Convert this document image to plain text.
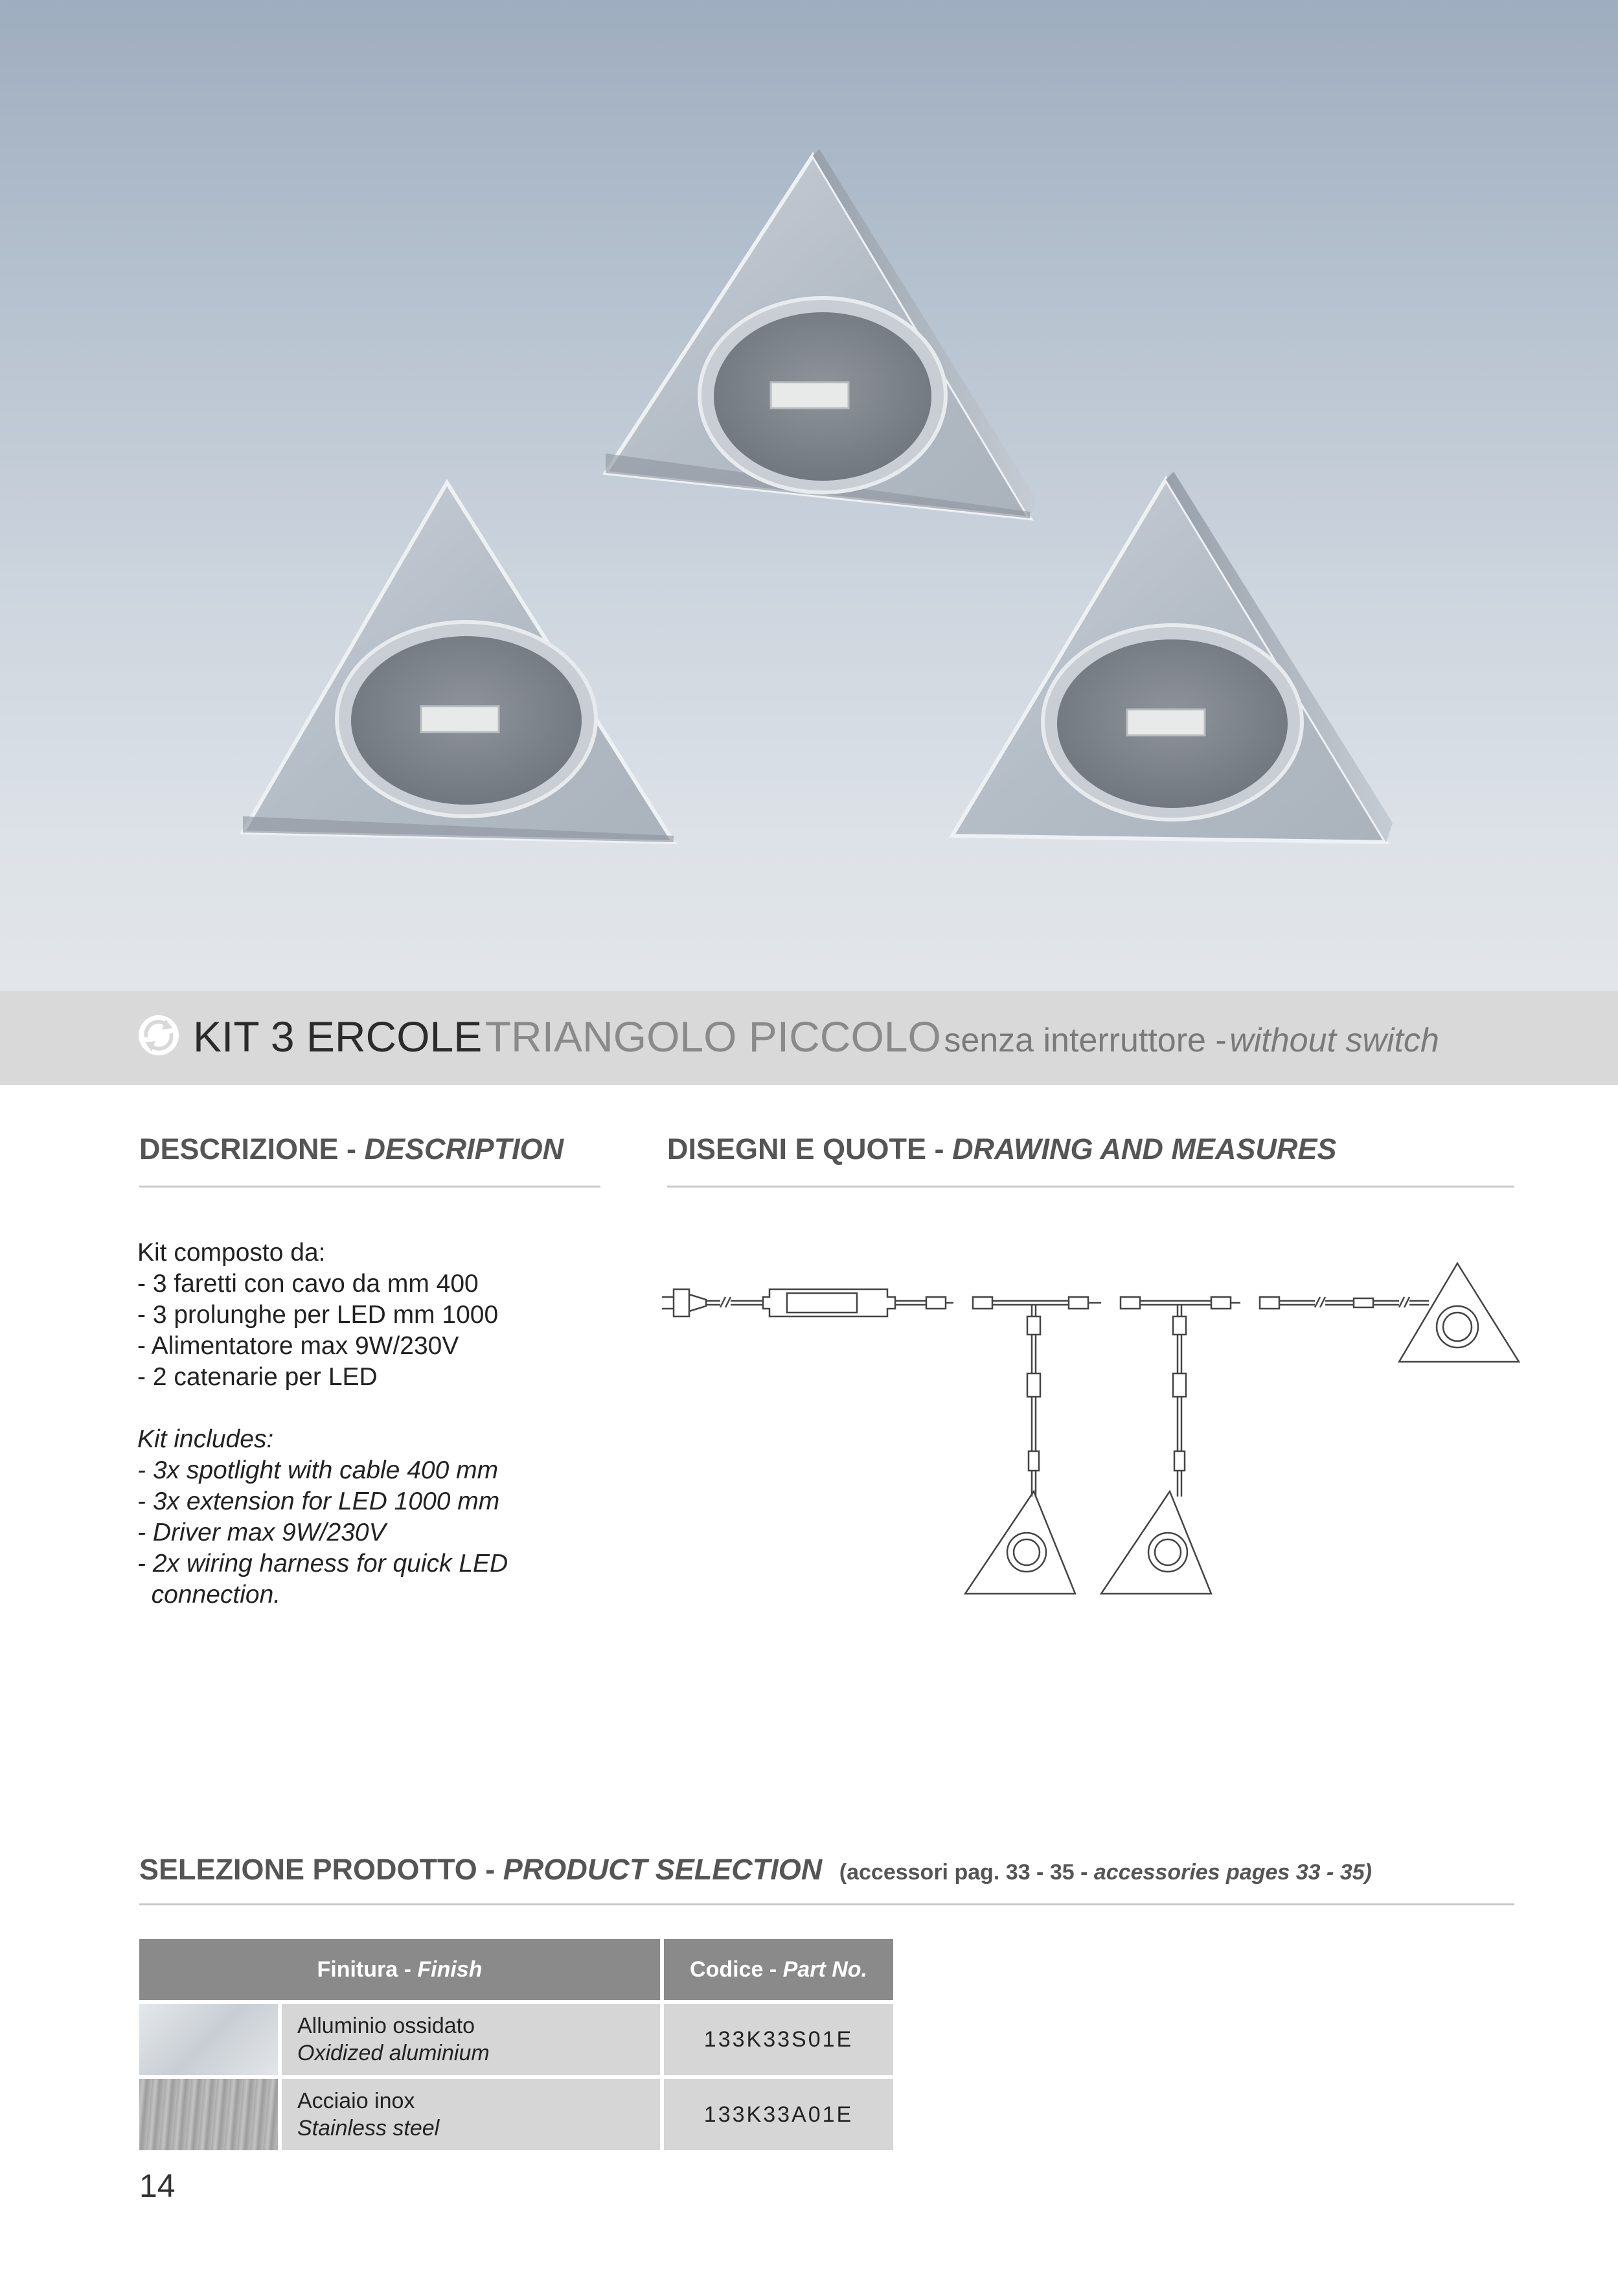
KIT 3 ERCOLE TRIANGOLO PICCOLO senza interruttore - without switch
DESCRIZIONE - DESCRIPTION
Kit composto da:
- 3 faretti con cavo da mm 400
- 3 prolunghe per LED mm 1000
- Alimentatore max 9W/230V
- 2 catenarie per LED
Kit includes:
- 3x spotlight with cable 400 mm
- 3x extension for LED 1000 mm
- Driver max 9W/230V
- 2x wiring harness for quick LED
connection.
DISEGNI E QUOTE - DRAWING AND MEASURES
SELEZIONE PRODOTTO - PRODUCT SELECTION (accessori pag. 33 - 35 - accessories pages 33 - 35)
Finitura - Finish		Codice - Part No.

	Alluminio ossidato
Oxidized aluminium	133K33S01E

	Acciaio inox
Stainless steel	133K33A01E
14
